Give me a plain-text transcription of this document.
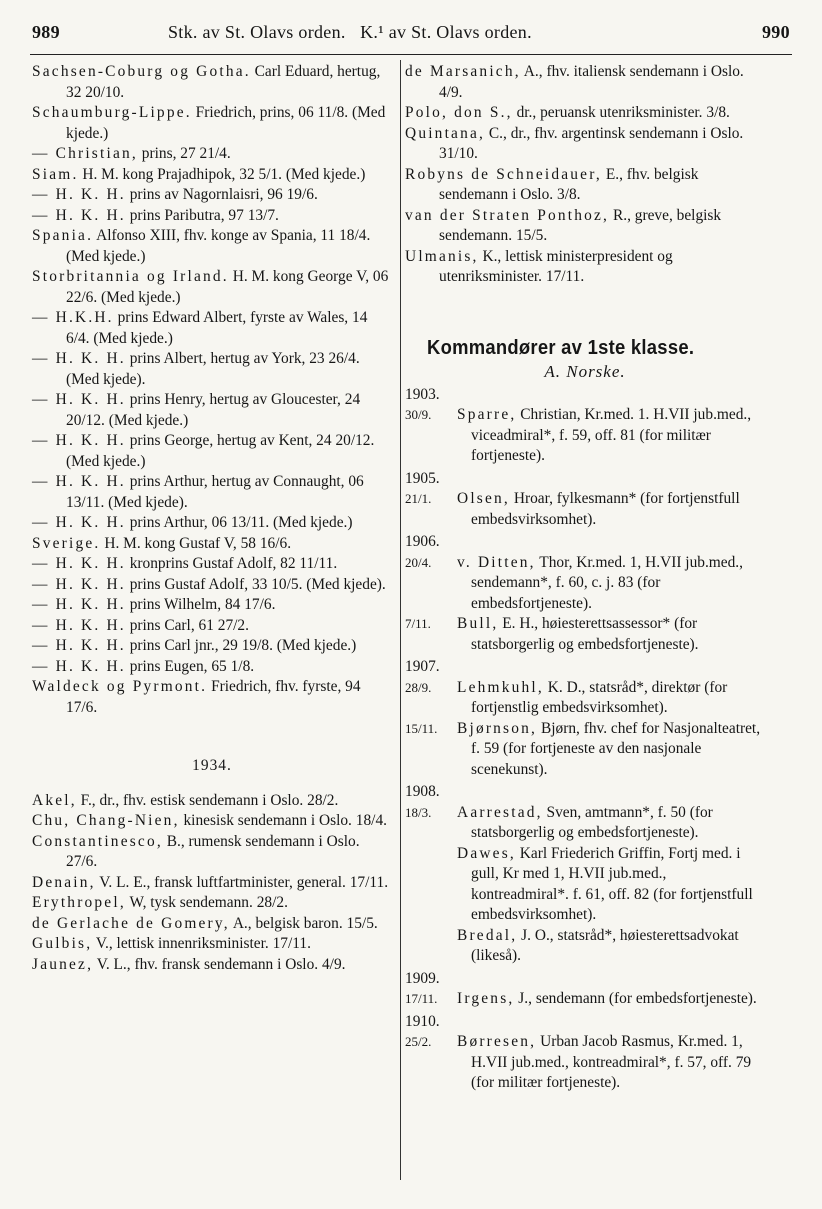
989	Stk. av St. Olavs orden. K.¹ av St. Olavs orden.	990

Sachsen-Coburg og Gotha. Carl Eduard, hertug, 32 20/10.

Schaumburg-Lippe. Friedrich, prins, 06 11/8. (Med kjede.)

— Christian, prins, 27 21/4.

Siam. H. M. kong Prajadhipok, 32 5/1. (Med kjede.)

— H. K. H. prins av Nagornlaisri, 96 19/6.

— H. K. H. prins Paributra, 97 13/7.

Spania. Alfonso XIII, fhv. konge av Spania, 11 18/4. (Med kjede.)

Storbritannia og Irland. H. M. kong George V, 06 22/6. (Med kjede.)

— H.K.H. prins Edward Albert, fyrste av Wales, 14 6/4. (Med kjede.)

— H. K. H. prins Albert, hertug av York, 23 26/4. (Med kjede).

— H. K. H. prins Henry, hertug av Gloucester, 24 20/12. (Med kjede.)

— H. K. H. prins George, hertug av Kent, 24 20/12. (Med kjede.)

— H. K. H. prins Arthur, hertug av Connaught, 06 13/11. (Med kjede).

— H. K. H. prins Arthur, 06 13/11. (Med kjede.)

Sverige. H. M. kong Gustaf V, 58 16/6.

— H. K. H. kronprins Gustaf Adolf, 82 11/11.

— H. K. H. prins Gustaf Adolf, 33 10/5. (Med kjede).

— H. K. H. prins Wilhelm, 84 17/6.

— H. K. H. prins Carl, 61 27/2.

— H. K. H. prins Carl jnr., 29 19/8. (Med kjede.)

— H. K. H. prins Eugen, 65 1/8.

Waldeck og Pyrmont. Friedrich, fhv. fyrste, 94 17/6.

1934.

Akel, F., dr., fhv. estisk sendemann i Oslo. 28/2.

Chu, Chang-Nien, kinesisk sendemann i Oslo. 18/4.

Constantinesco, B., rumensk sendemann i Oslo. 27/6.

Denain, V. L. E., fransk luftfartminister, general. 17/11.

Erythropel, W, tysk sendemann. 28/2.

de Gerlache de Gomery, A., belgisk baron. 15/5.

Gulbis, V., lettisk innenriksminister. 17/11.

Jaunez, V. L., fhv. fransk sendemann i Oslo. 4/9.

de Marsanich, A., fhv. italiensk sendemann i Oslo. 4/9.

Polo, don S., dr., peruansk utenriksminister. 3/8.

Quintana, C., dr., fhv. argentinsk sendemann i Oslo. 31/10.

Robyns de Schneidauer, E., fhv. belgisk sendemann i Oslo. 3/8.

van der Straten Ponthoz, R., greve, belgisk sendemann. 15/5.

Ulmanis, K., lettisk ministerpresident og utenriksminister. 17/11.

Kommandører av 1ste klasse.
A. Norske.
1903.
30/9.	Sparre, Christian, Kr.med. 1. H.VII jub.med., viceadmiral*, f. 59, off. 81 (for militær fortjeneste).
1905.
21/1.	Olsen, Hroar, fylkesmann* (for fortjenstfull embedsvirksomhet).
1906.
20/4.	v. Ditten, Thor, Kr.med. 1, H.VII jub.med., sendemann*, f. 60, c. j. 83 (for embedsfortjeneste).
7/11.	Bull, E. H., høiesterettsassessor* (for statsborgerlig og embedsfortjeneste).
1907.
28/9.	Lehmkuhl, K. D., statsråd*, direktør (for fortjenstlig embedsvirksomhet).
15/11.	Bjørnson, Bjørn, fhv. chef for Nasjonalteatret, f. 59 (for fortjeneste av den nasjonale scenekunst).
1908.
18/3.	Aarrestad, Sven, amtmann*, f. 50 (for statsborgerlig og embedsfortjeneste).
Dawes, Karl Friederich Griffin, Fortj med. i gull, Kr med 1, H.VII jub.med., kontreadmiral*. f. 61, off. 82 (for fortjenstfull embedsvirksomhet).
Bredal, J. O., statsråd*, høiesterettsadvokat (likeså).
1909.
17/11.	Irgens, J., sendemann (for embedsfortjeneste).
1910.
25/2.	Børresen, Urban Jacob Rasmus, Kr.med. 1, H.VII jub.med., kontreadmiral*, f. 57, off. 79 (for militær fortjeneste).
